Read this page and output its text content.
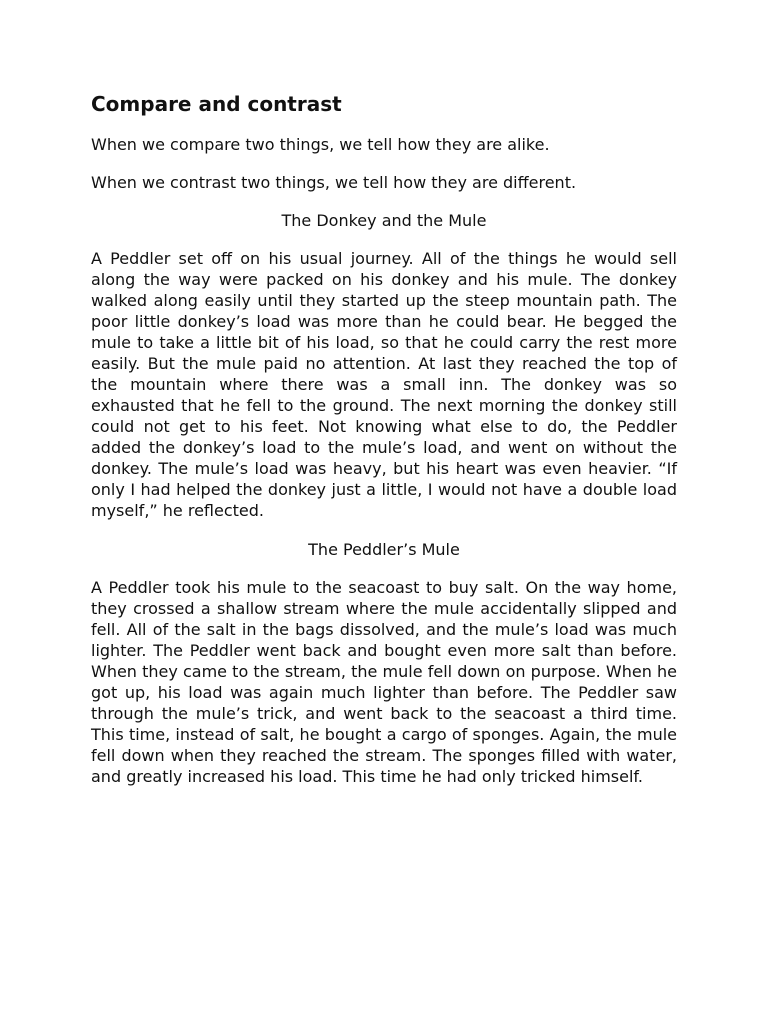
Compare and contrast

When we compare two things, we tell how they are alike.

When we contrast two things, we tell how they are different.

The Donkey and the Mule

A Peddler set off on his usual journey. All of the things he would sell along the way were packed on his donkey and his mule. The donkey walked along easily until they started up the steep mountain path. The poor little donkey’s load was more than he could bear. He begged the mule to take a little bit of his load, so that he could carry the rest more easily. But the mule paid no attention. At last they reached the top of the mountain where there was a small inn. The donkey was so exhausted that he fell to the ground. The next morning the donkey still could not get to his feet. Not knowing what else to do, the Peddler added the donkey’s load to the mule’s load, and went on without the donkey. The mule’s load was heavy, but his heart was even heavier. “If only I had helped the donkey just a little, I would not have a double load myself,” he reflected.

The Peddler’s Mule

A Peddler took his mule to the seacoast to buy salt. On the way home, they crossed a shallow stream where the mule accidentally slipped and fell. All of the salt in the bags dissolved, and the mule’s load was much lighter. The Peddler went back and bought even more salt than before. When they came to the stream, the mule fell down on purpose. When he got up, his load was again much lighter than before. The Peddler saw through the mule’s trick, and went back to the seacoast a third time. This time, instead of salt, he bought a cargo of sponges. Again, the mule fell down when they reached the stream. The sponges filled with water, and greatly increased his load. This time he had only tricked himself.
